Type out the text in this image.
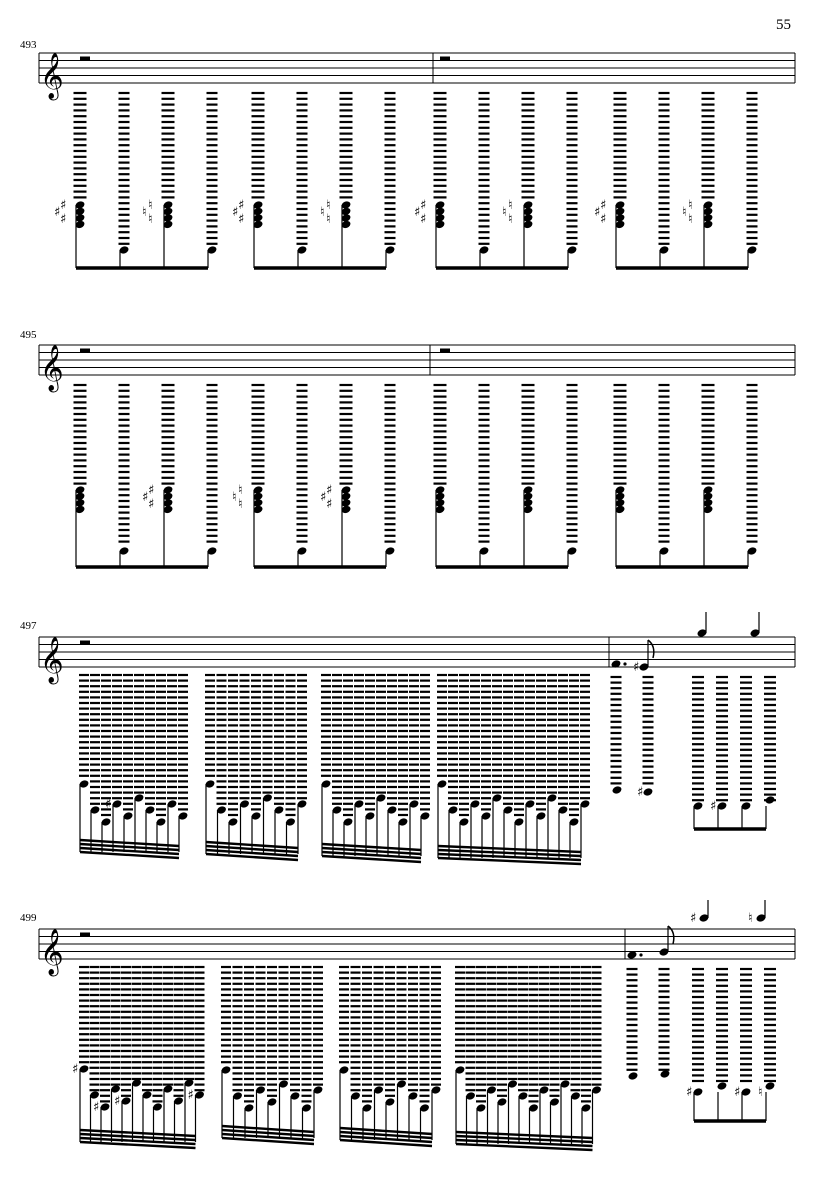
55
493
495
497
499
𝄞
♯
♯ ♯
♮
♮ ♮
♯
♯ ♯
♮
♮ ♮
♯
♯ ♯
♮
♮ ♮
♯
♯ ♯
♮
♮ ♮
𝄞
♯
♯ ♯
♮
♮ ♮
♯
♯ ♯
𝄞
♯
♯
♯
♯
𝄞
♯
♯ ♯	♯
♯	♮
♯	♯ ♮
